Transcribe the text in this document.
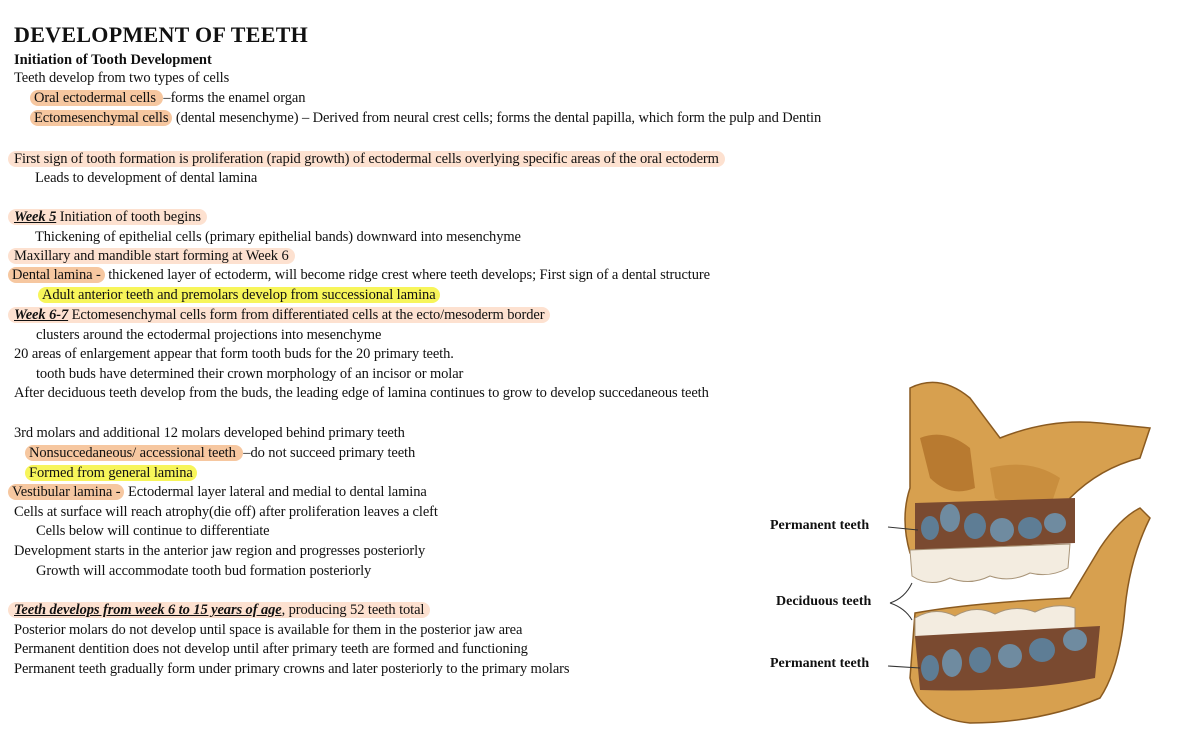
DEVELOPMENT OF TEETH
Initiation of Tooth Development
Teeth develop from two types of cells
Oral ectodermal cells –forms the enamel organ
Ectomesenchymal cells (dental mesenchyme) – Derived from neural crest cells; forms the dental papilla, which form the pulp and Dentin
First sign of tooth formation is proliferation (rapid growth) of ectodermal cells overlying specific areas of the oral ectoderm
Leads to development of dental lamina
Week 5 Initiation of tooth begins
Thickening of epithelial cells (primary epithelial bands) downward into mesenchyme
Maxillary and mandible start forming at Week 6
Dental lamina - thickened layer of ectoderm, will become ridge crest where teeth develops; First sign of a dental structure
Adult anterior teeth and premolars develop from successional lamina
Week 6-7 Ectomesenchymal cells form from differentiated cells at the ecto/mesoderm border
clusters around the ectodermal projections into mesenchyme
20 areas of enlargement appear that form tooth buds for the 20 primary teeth.
tooth buds have determined their crown morphology of an incisor or molar
After deciduous teeth develop from the buds, the leading edge of lamina continues to grow to develop succedaneous teeth
3rd molars and additional 12 molars developed behind primary teeth
Nonsuccedaneous/ accessional teeth –do not succeed primary teeth
Formed from general lamina
Vestibular lamina - Ectodermal layer lateral and medial to dental lamina
Cells at surface will reach atrophy(die off) after proliferation leaves a cleft
Cells below will continue to differentiate
Development starts in the anterior jaw region and progresses posteriorly
Growth will accommodate tooth bud formation posteriorly
Teeth develops from week 6 to 15 years of age, producing 52 teeth total
Posterior molars do not develop until space is available for them in the posterior jaw area
Permanent dentition does not develop until after primary teeth are formed and functioning
Permanent teeth gradually form under primary crowns and later posteriorly to the primary molars
Permanent teeth
Deciduous teeth
Permanent teeth
